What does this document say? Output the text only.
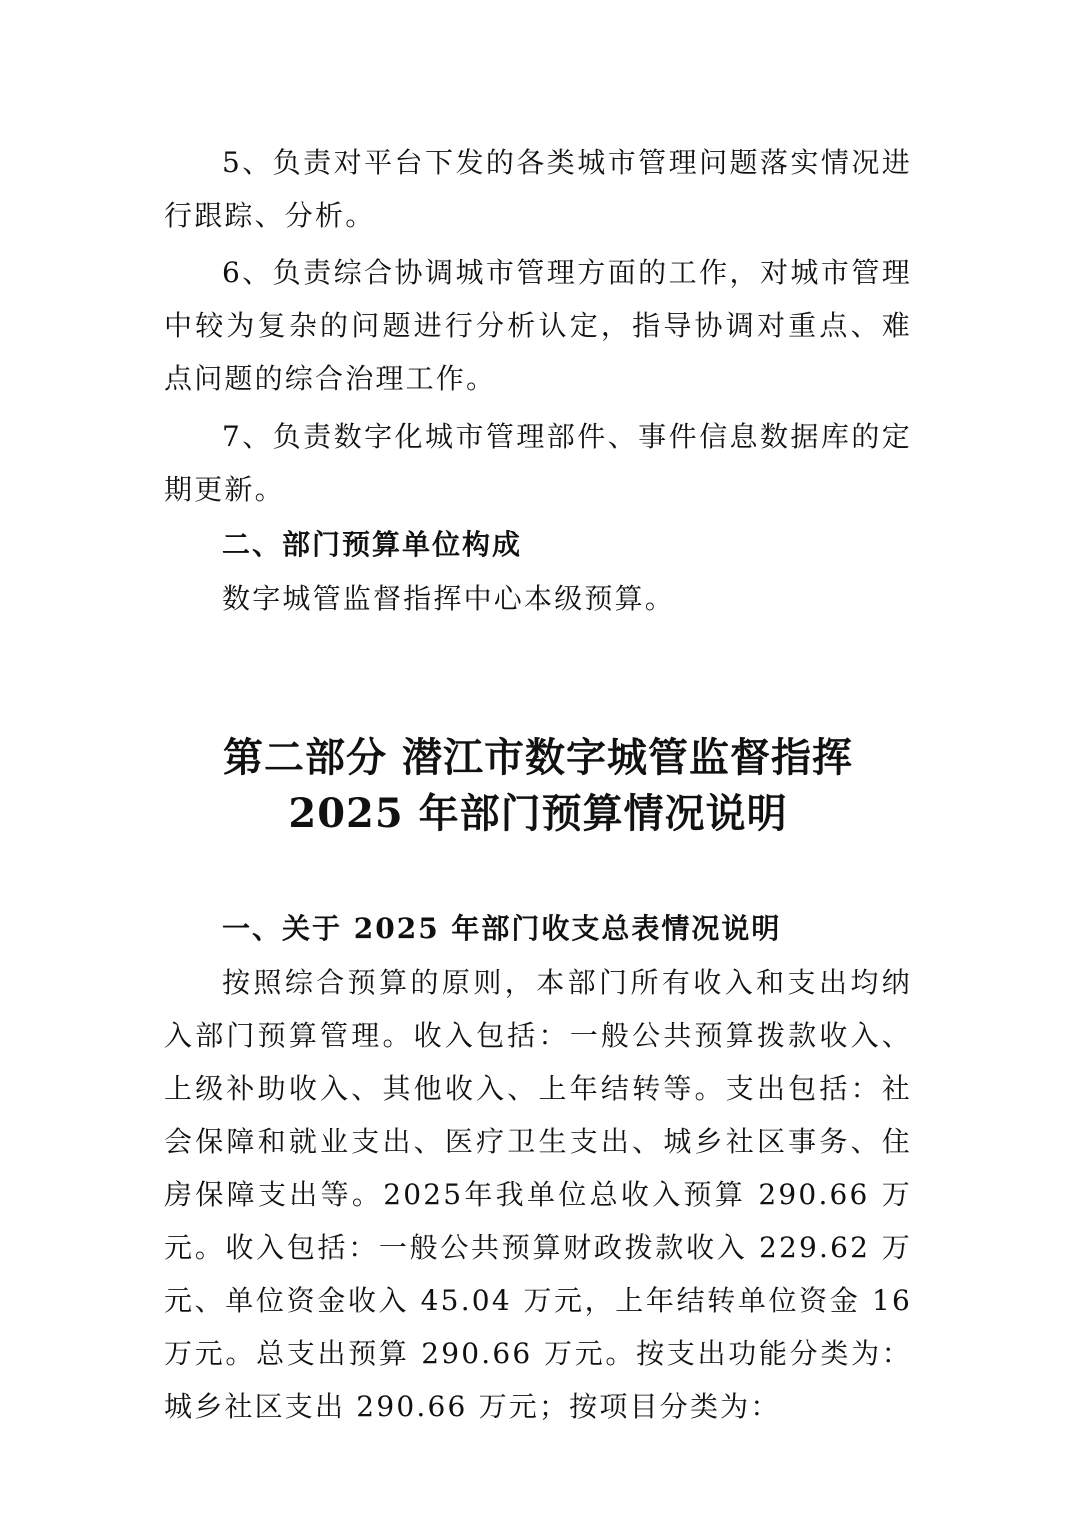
5、负责对平台下发的各类城市管理问题落实情况进行跟踪、分析。

6、负责综合协调城市管理方面的工作，对城市管理中较为复杂的问题进行分析认定，指导协调对重点、难点问题的综合治理工作。

7、负责数字化城市管理部件、事件信息数据库的定期更新。

二、部门预算单位构成

数字城管监督指挥中心本级预算。

第二部分 潜江市数字城管监督指挥
2025 年部门预算情况说明

一、关于 2025 年部门收支总表情况说明

按照综合预算的原则，本部门所有收入和支出均纳入部门预算管理。收入包括：一般公共预算拨款收入、上级补助收入、其他收入、上年结转等。支出包括：社会保障和就业支出、医疗卫生支出、城乡社区事务、住房保障支出等。2025年我单位总收入预算 290.66 万元。收入包括：一般公共预算财政拨款收入 229.62 万元、单位资金收入 45.04 万元，上年结转单位资金 16 万元。总支出预算 290.66 万元。按支出功能分类为：城乡社区支出 290.66 万元；按项目分类为：
